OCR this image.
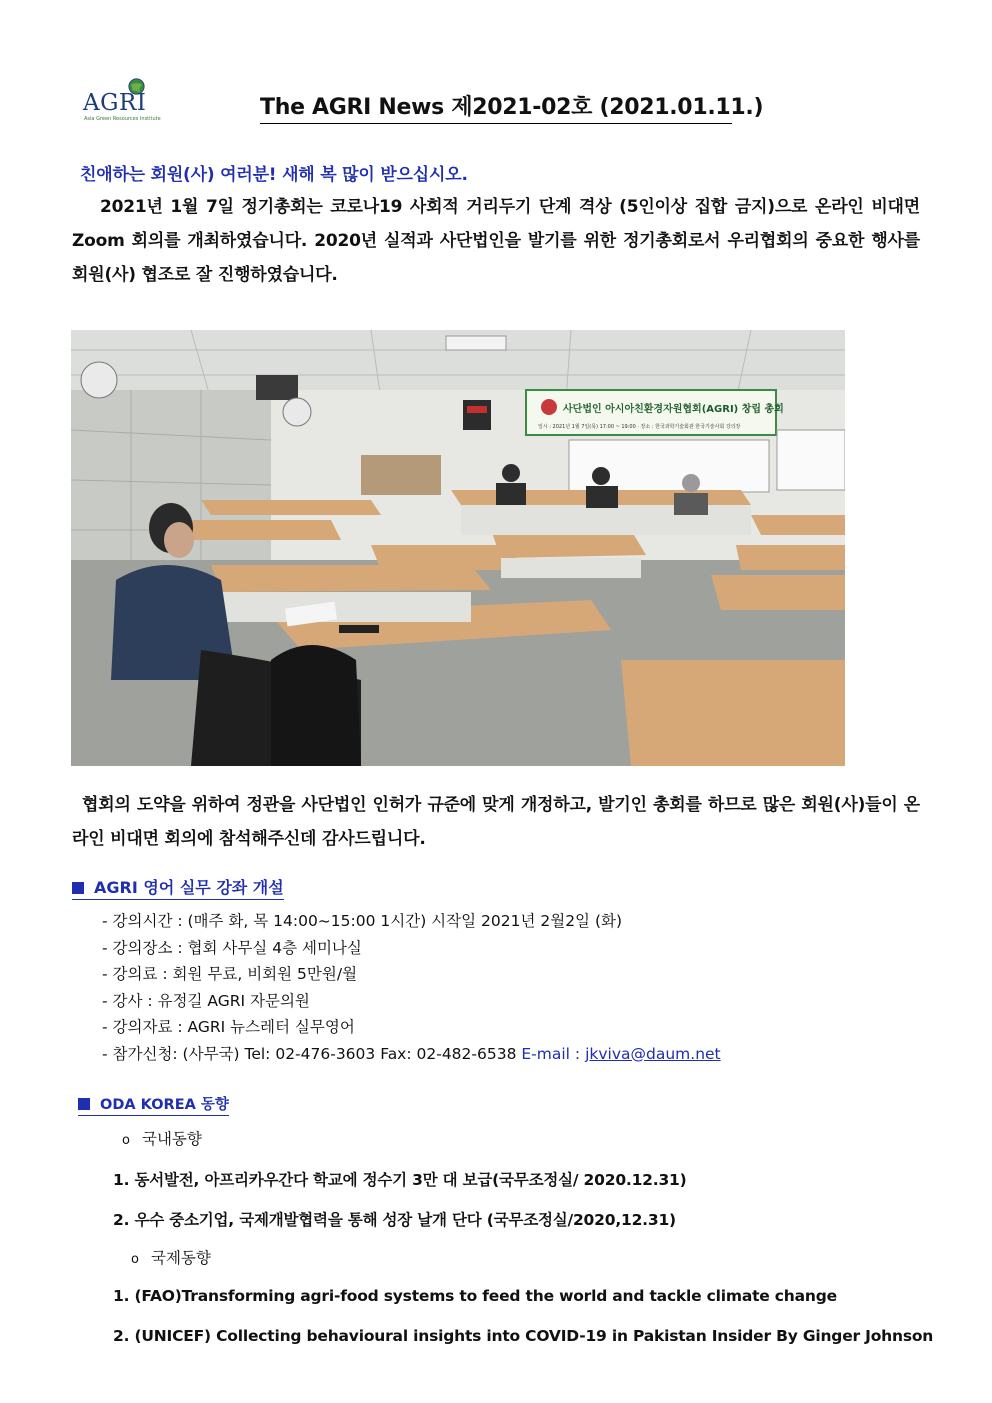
AGRI
Asia Green Resources Institute	The AGRI News 제2021-02호 (2021.01.11.)
친애하는 회원(사) 여러분! 새해 복 많이 받으십시오.
2021년 1월 7일 정기총회는 코로나19 사회적 거리두기 단계 격상 (5인이상 집합 금지)으로 온라인 비대면 Zoom 회의를 개최하였습니다. 2020년 실적과 사단법인을 발기를 위한 정기총회로서 우리협회의 중요한 행사를 회원(사) 협조로 잘 진행하였습니다.
사단법인 아시아친환경자원협회(AGRI) 창립 총회
일시 : 2021년 1월 7일(목) 17:00 ~ 19:00 · 장소 : 한국과학기술회관 한국기술사회 강의장
협회의 도약을 위하여 정관을 사단법인 인허가 규준에 맞게 개정하고, 발기인 총회를 하므로 많은 회원(사)들이 온라인 비대면 회의에 참석해주신데 감사드립니다.
AGRI 영어 실무 강좌 개설
- 강의시간 : (매주 화, 목 14:00~15:00 1시간) 시작일 2021년 2월2일 (화)
- 강의장소 : 협회 사무실 4층 세미나실
- 강의료 : 회원 무료, 비회원 5만원/월
- 강사 : 유정길 AGRI 자문의원
- 강의자료 : AGRI 뉴스레터 실무영어
- 참가신청: (사무국) Tel: 02-476-3603 Fax: 02-482-6538 E-mail : jkviva@daum.net
ODA KOREA 동향
o 국내동향
1. 동서발전, 아프리카우간다 학교에 정수기 3만 대 보급(국무조정실/ 2020.12.31)
2. 우수 중소기업, 국제개발협력을 통해 성장 날개 단다 (국무조정실/2020,12.31)
o 국제동향
1. (FAO)Transforming agri-food systems to feed the world and tackle climate change
2. (UNICEF) Collecting behavioural insights into COVID-19 in Pakistan Insider By Ginger Johnson
